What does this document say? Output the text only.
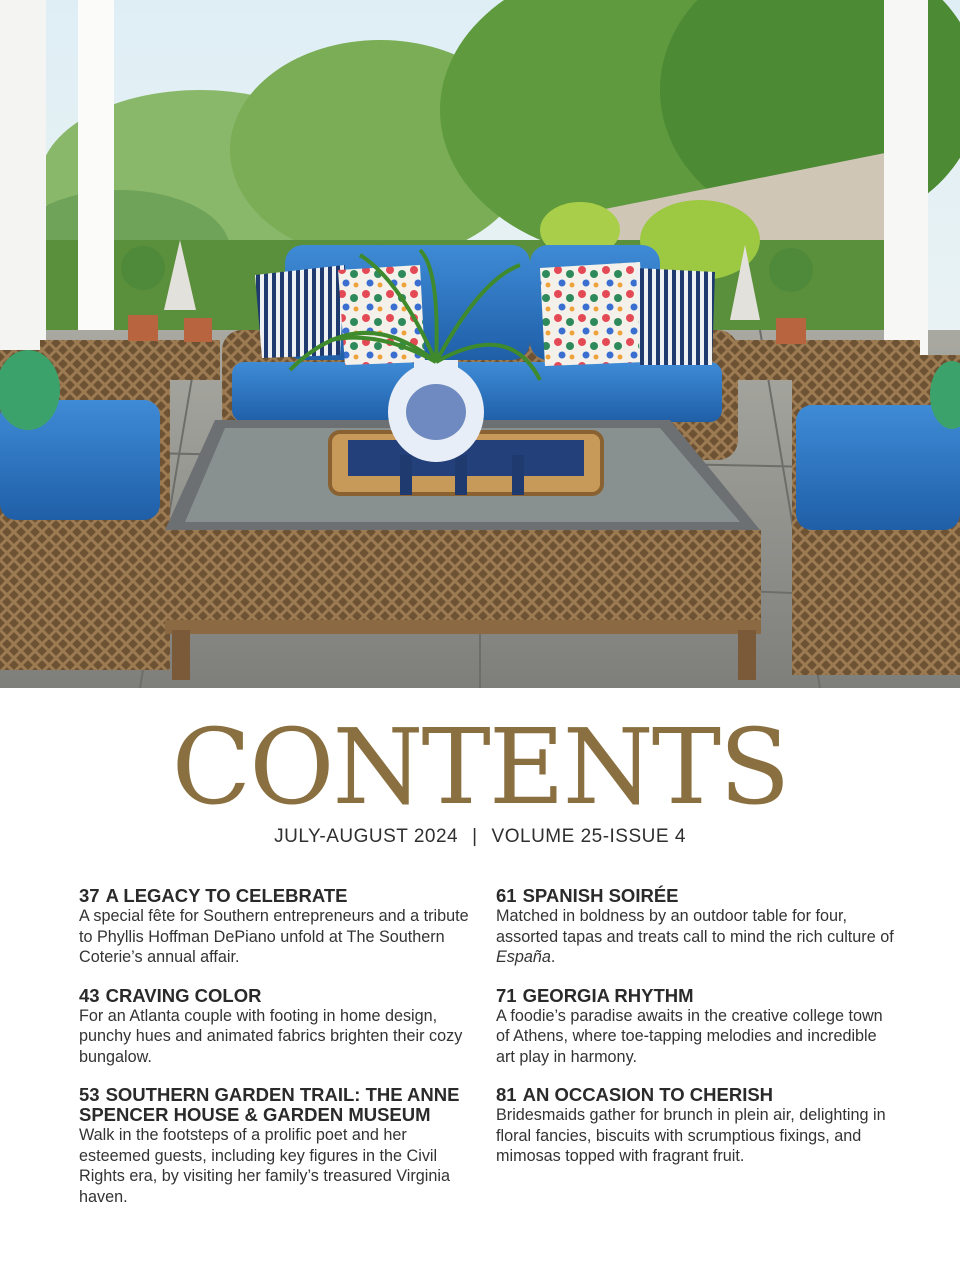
CONTENTS
JULY-AUGUST 2024 | VOLUME 25-ISSUE 4
37 A LEGACY TO CELEBRATE

A special fête for Southern entrepreneurs and a tribute to Phyllis Hoffman DePiano unfold at The Southern Coterie’s annual affair.

43 CRAVING COLOR

For an Atlanta couple with footing in home design, punchy hues and animated fabrics brighten their cozy bungalow.

53 SOUTHERN GARDEN TRAIL: THE ANNE SPENCER HOUSE & GARDEN MUSEUM

Walk in the footsteps of a prolific poet and her esteemed guests, including key figures in the Civil Rights era, by visiting her family’s treasured Virginia haven.

61 SPANISH SOIRÉE

Matched in boldness by an outdoor table for four, assorted tapas and treats call to mind the rich culture of España.

71 GEORGIA RHYTHM

A foodie’s paradise awaits in the creative college town of Athens, where toe-tapping melodies and incredible art play in harmony.

81 AN OCCASION TO CHERISH

Bridesmaids gather for brunch in plein air, delighting in floral fancies, biscuits with scrumptious fixings, and mimosas topped with fragrant fruit.
